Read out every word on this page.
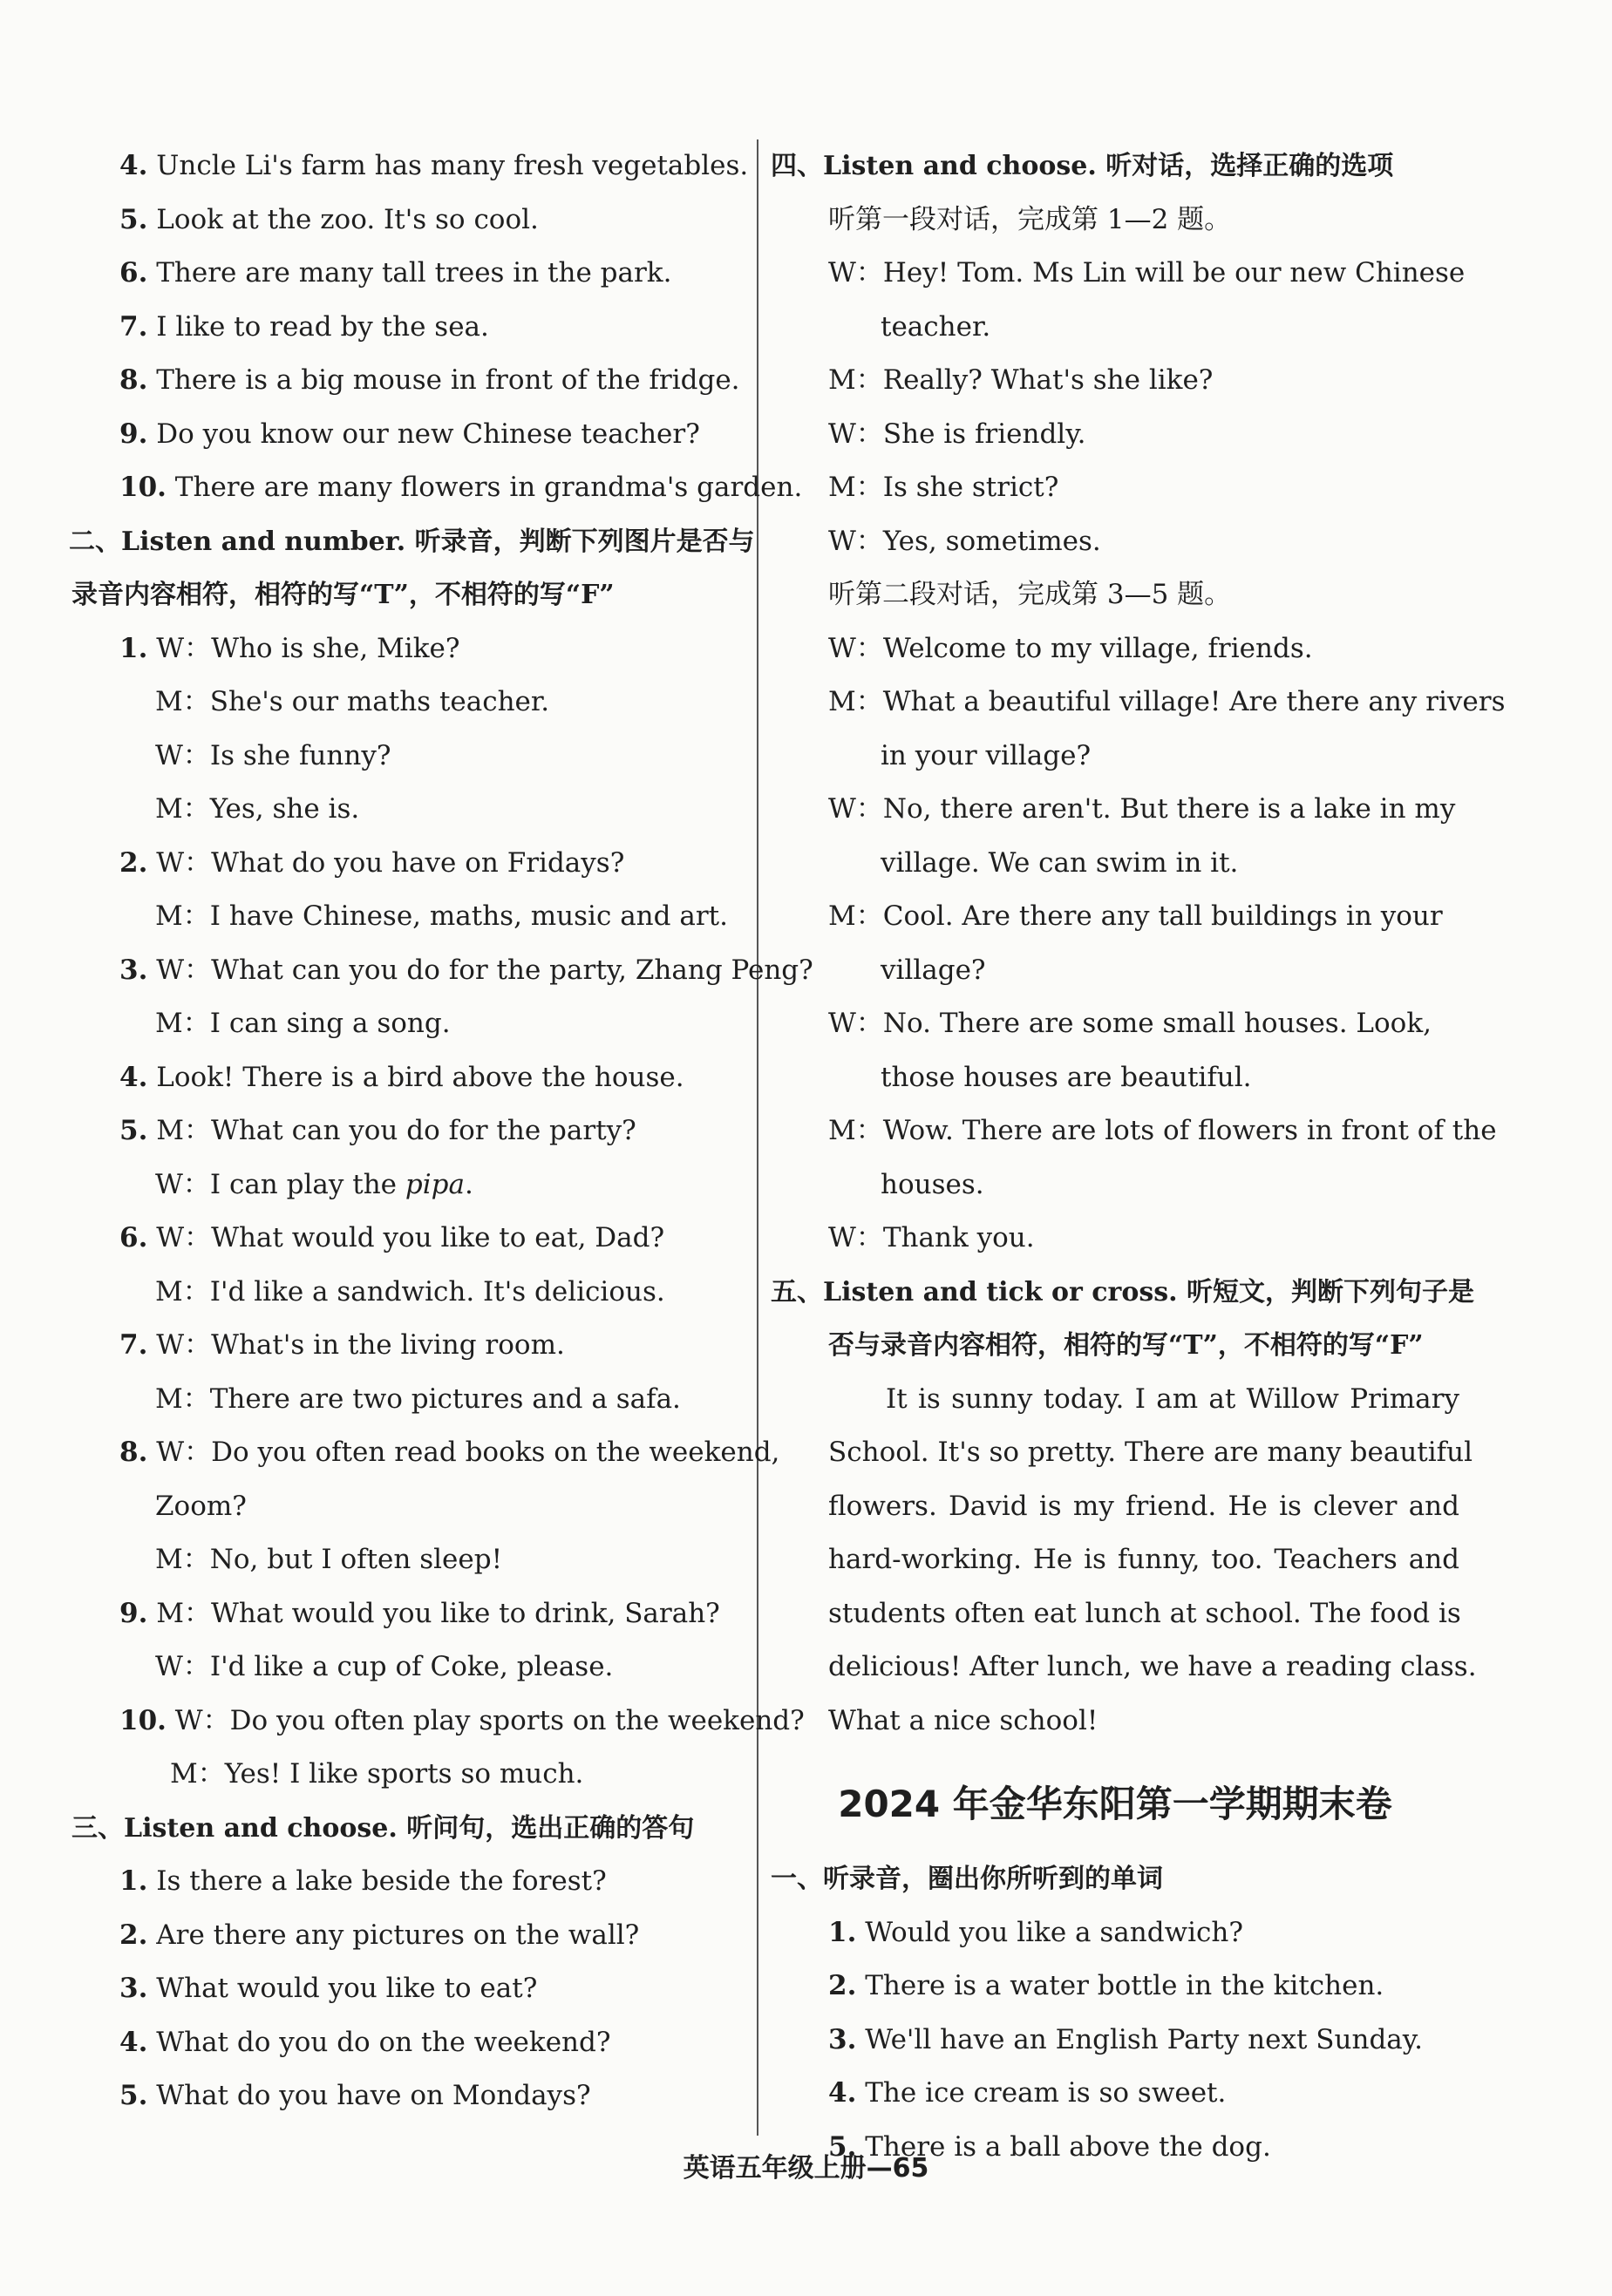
4. Uncle Li's farm has many fresh vegetables.
5. Look at the zoo. It's so cool.
6. There are many tall trees in the park.
7. I like to read by the sea.
8. There is a big mouse in front of the fridge.
9. Do you know our new Chinese teacher?
10. There are many flowers in grandma's garden.
二、Listen and number. 听录音，判断下列图片是否与
录音内容相符，相符的写“T”，不相符的写“F”
1. W：Who is she, Mike?
M：She's our maths teacher.
W：Is she funny?
M：Yes, she is.
2. W：What do you have on Fridays?
M：I have Chinese, maths, music and art.
3. W：What can you do for the party, Zhang Peng?
M：I can sing a song.
4. Look! There is a bird above the house.
5. M：What can you do for the party?
W：I can play the pipa.
6. W：What would you like to eat, Dad?
M：I'd like a sandwich. It's delicious.
7. W：What's in the living room.
M：There are two pictures and a safa.
8. W：Do you often read books on the weekend,
Zoom?
M：No, but I often sleep!
9. M：What would you like to drink, Sarah?
W：I'd like a cup of Coke, please.
10. W：Do you often play sports on the weekend?
M：Yes! I like sports so much.
三、Listen and choose. 听问句，选出正确的答句
1. Is there a lake beside the forest?
2. Are there any pictures on the wall?
3. What would you like to eat?
4. What do you do on the weekend?
5. What do you have on Mondays?
四、Listen and choose. 听对话，选择正确的选项
听第一段对话，完成第 1—2 题。
W：Hey! Tom. Ms Lin will be our new Chinese
teacher.
M：Really? What's she like?
W：She is friendly.
M：Is she strict?
W：Yes, sometimes.
听第二段对话，完成第 3—5 题。
W：Welcome to my village, friends.
M：What a beautiful village! Are there any rivers
in your village?
W：No, there aren't. But there is a lake in my
village. We can swim in it.
M：Cool. Are there any tall buildings in your
village?
W：No. There are some small houses. Look,
those houses are beautiful.
M：Wow. There are lots of flowers in front of the
houses.
W：Thank you.
五、Listen and tick or cross. 听短文，判断下列句子是
否与录音内容相符，相符的写“T”，不相符的写“F”
It is sunny today. I am at Willow Primary
School. It's so pretty. There are many beautiful
flowers. David is my friend. He is clever and
hard-working. He is funny, too. Teachers and
students often eat lunch at school. The food is
delicious! After lunch, we have a reading class.
What a nice school!
2024 年金华东阳第一学期期末卷
一、听录音，圈出你所听到的单词
1. Would you like a sandwich?
2. There is a water bottle in the kitchen.
3. We'll have an English Party next Sunday.
4. The ice cream is so sweet.
5. There is a ball above the dog.
英语五年级上册—65
